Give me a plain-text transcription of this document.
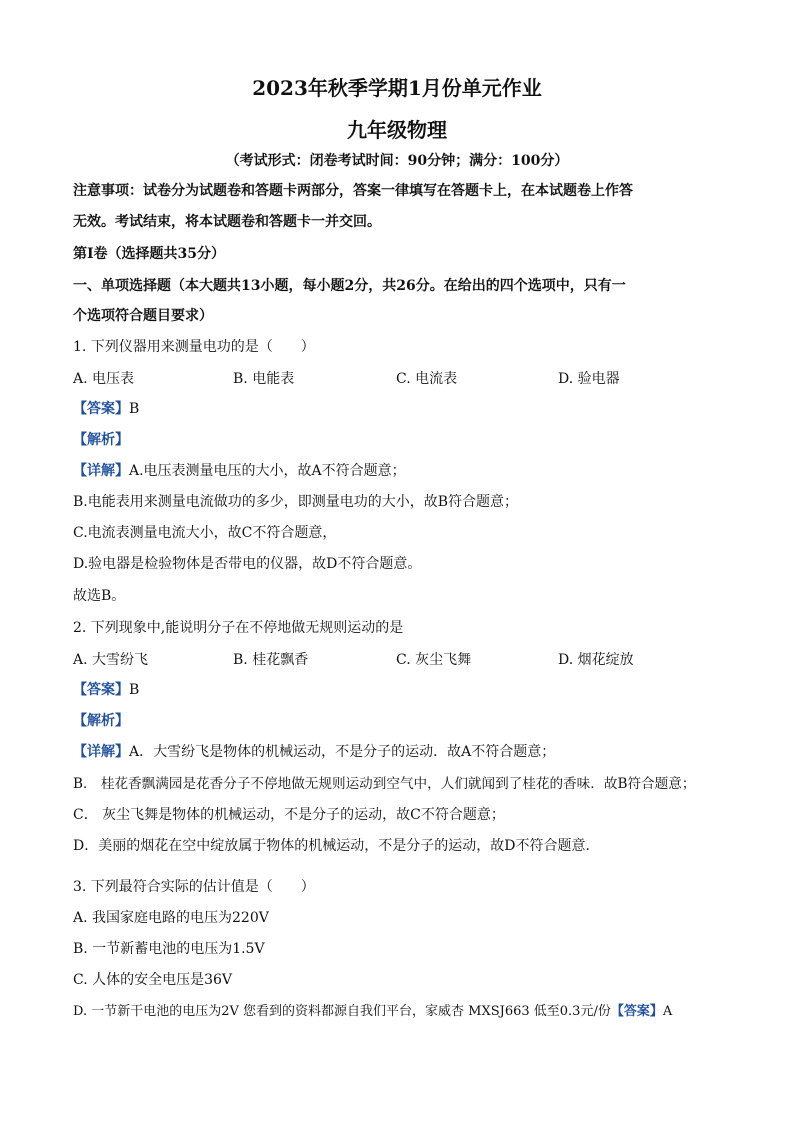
2023年秋季学期1月份单元作业
九年级物理
（考试形式：闭卷考试时间：90分钟；满分：100分）
注意事项：试卷分为试题卷和答题卡两部分，答案一律填写在答题卡上，在本试题卷上作答
无效。考试结束，将本试题卷和答题卡一并交回。
第Ⅰ卷（选择题共35分）
一、单项选择题（本大题共13小题，每小题2分，共26分。在给出的四个选项中，只有一
个选项符合题目要求）
1. 下列仪器用来测量电功的是（　　）
A. 电压表	B. 电能表	C. 电流表	D. 验电器
【答案】B
【解析】
【详解】A.电压表测量电压的大小，故A不符合题意；
B.电能表用来测量电流做功的多少，即测量电功的大小，故B符合题意；
C.电流表测量电流大小，故C不符合题意，
D.验电器是检验物体是否带电的仪器，故D不符合题意。
故选B。
2. 下列现象中,能说明分子在不停地做无规则运动的是
A. 大雪纷飞	B. 桂花飘香	C. 灰尘飞舞	D. 烟花绽放
【答案】B
【解析】
【详解】A．大雪纷飞是物体的机械运动，不是分子的运动．故A不符合题意；
B． 桂花香飘满园是花香分子不停地做无规则运动到空气中，人们就闻到了桂花的香味．故B符合题意；
C． 灰尘飞舞是物体的机械运动，不是分子的运动，故C不符合题意；
D．美丽的烟花在空中绽放属于物体的机械运动，不是分子的运动，故D不符合题意．
3. 下列最符合实际的估计值是（　　）
A. 我国家庭电路的电压为220V
B. 一节新蓄电池的电压为1.5V
C. 人体的安全电压是36V
D. 一节新干电池的电压为2V 您看到的资料都源自我们平台，家威杏 MXSJ663 低至0.3元/份【答案】A
